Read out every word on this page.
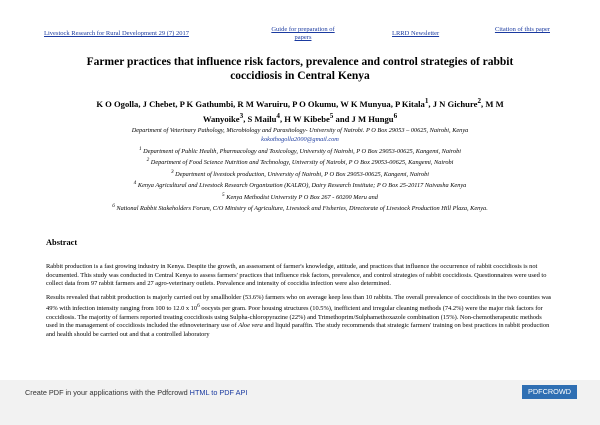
Livestock Research for Rural Development 29 (7) 2017
Guide for preparation of papers
LRRD Newsletter
Citation of this paper
Farmer practices that influence risk factors, prevalence and control strategies of rabbit coccidiosis in Central Kenya
K O Ogolla, J Chebet, P K Gathumbi, R M Waruiru, P O Okumu, W K Munyua, P Kitala$^1$, J N Gichure$^2$, M M
Wanyoike$^3$, S Mailu$^4$, H W Kibebe$^5$ and J M Hungu$^6$
Department of Veterinary Pathology, Microbiology and Parasitology- University of Nairobi. P O Box 29053 – 00625, Nairobi, Kenya
kokothogolla2000@gmail.com
$^1$ Department of Public Health, Pharmacology and Toxicology, University of Nairobi, P O Box 29053-00625, Kangemi, Nairobi
$^2$ Department of Food Science Nutrition and Technology, University of Nairobi, P O Box 29053-00625, Kangemi, Nairobi
$^3$ Department of livestock production, University of Nairobi, P O Box 29053-00625, Kangemi, Nairobi
$^4$ Kenya Agricultural and Livestock Research Organization (KALRO), Dairy Research Institute; P O Box 25-20117 Naivasha Kenya
$^5$ Kenya Methodist University P O Box 267 - 60200 Meru and
$^6$ National Rabbit Stakeholders Forum, C/O Ministry of Agriculture, Livestock and Fisheries, Directorate of Livestock Production Hill Plaza, Kenya.
Abstract

Rabbit production is a fast growing industry in Kenya. Despite the growth, an assessment of farmer's knowledge, attitude, and practices that influence the occurrence of rabbit coccidiosis is not documented. This study was conducted in Central Kenya to assess farmers' practices that influence risk factors, prevalence, and control strategies of rabbit coccidiosis. Questionnaires were used to collect data from 97 rabbit farmers and 27 agro-veterinary outlets. Prevalence and intensity of coccidia infection were also determined.

Results revealed that rabbit production is majorly carried out by smallholder (53.6%) farmers who on average keep less than 10 rabbits. The overall prevalence of coccidiosis in the two counties was 49% with infection intensity ranging from 100 to 12.0 x $10^6$ oocysts per gram. Poor housing structures (10.5%), inefficient and irregular cleaning methods (74.2%) were the major risk factors for coccidiosis. The majority of farmers reported treating coccidiosis using Sulpha-chloropyrazine (22%) and Trimethoprim/Sulphamethoxazole combination (15%). Non-chemotherapeutic methods used in the management of coccidiosis included the ethnoveterinary use of Aloe vera and liquid paraffin. The study recommends that strategic farmers' training on best practices in rabbit production and health should be carried out and that a controlled laboratory

Create PDF in your applications with the Pdfcrowd HTML to PDF API	PDFCROWD
